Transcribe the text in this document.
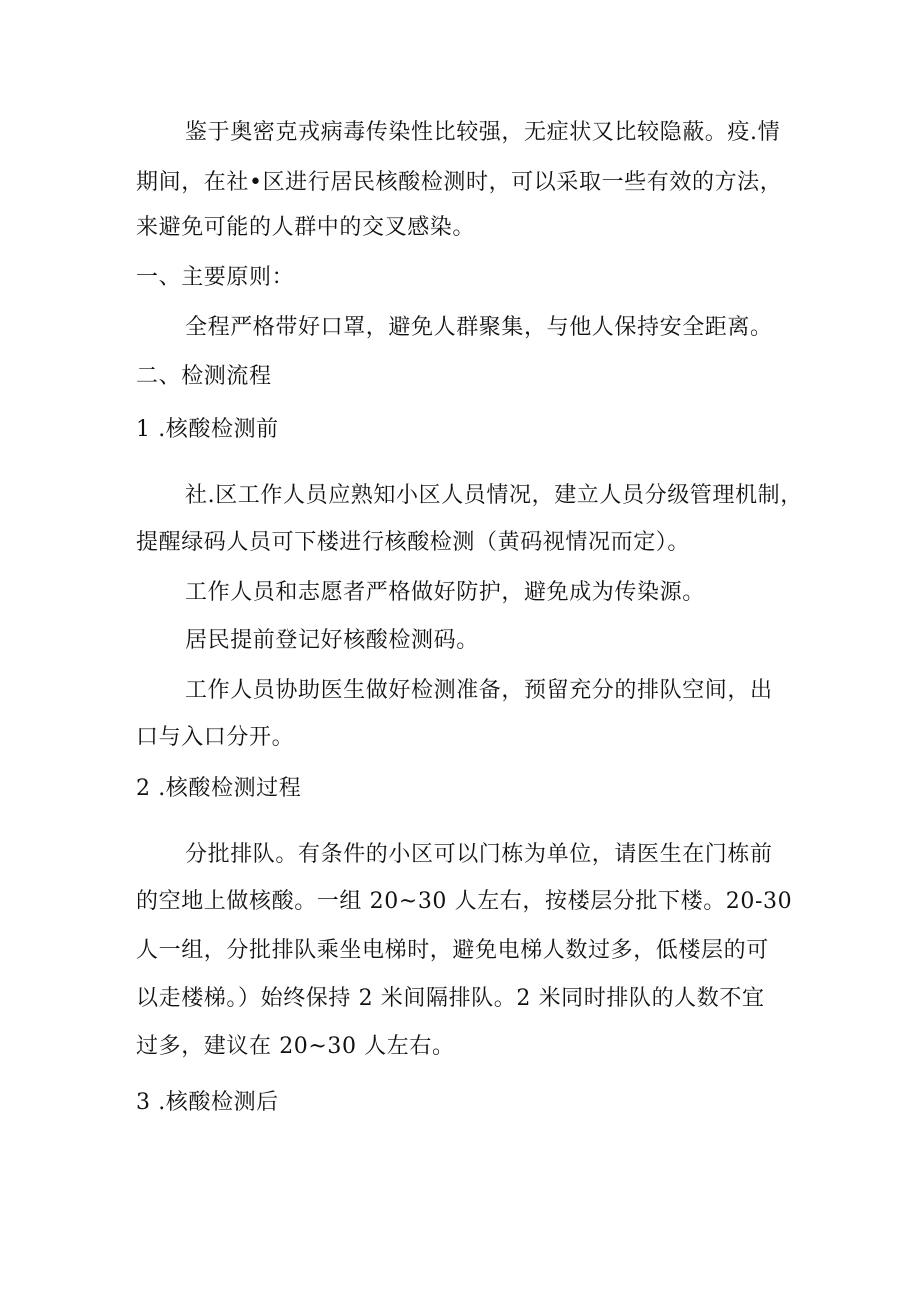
鉴于奥密克戎病毒传染性比较强，无症状又比较隐蔽。疫.情
期间，在社•区进行居民核酸检测时，可以采取一些有效的方法，
来避免可能的人群中的交叉感染。
一、主要原则：
全程严格带好口罩，避免人群聚集，与他人保持安全距离。
二、检测流程
1 .核酸检测前
社.区工作人员应熟知小区人员情况，建立人员分级管理机制，
提醒绿码人员可下楼进行核酸检测（黄码视情况而定）。
工作人员和志愿者严格做好防护，避免成为传染源。
居民提前登记好核酸检测码。
工作人员协助医生做好检测准备，预留充分的排队空间，出
口与入口分开。
2 .核酸检测过程
分批排队。有条件的小区可以门栋为单位，请医生在门栋前
的空地上做核酸。一组 20~30 人左右，按楼层分批下楼。20-30
人一组，分批排队乘坐电梯时，避免电梯人数过多，低楼层的可
以走楼梯。）始终保持 2 米间隔排队。2 米同时排队的人数不宜
过多，建议在 20~30 人左右。
3 .核酸检测后
